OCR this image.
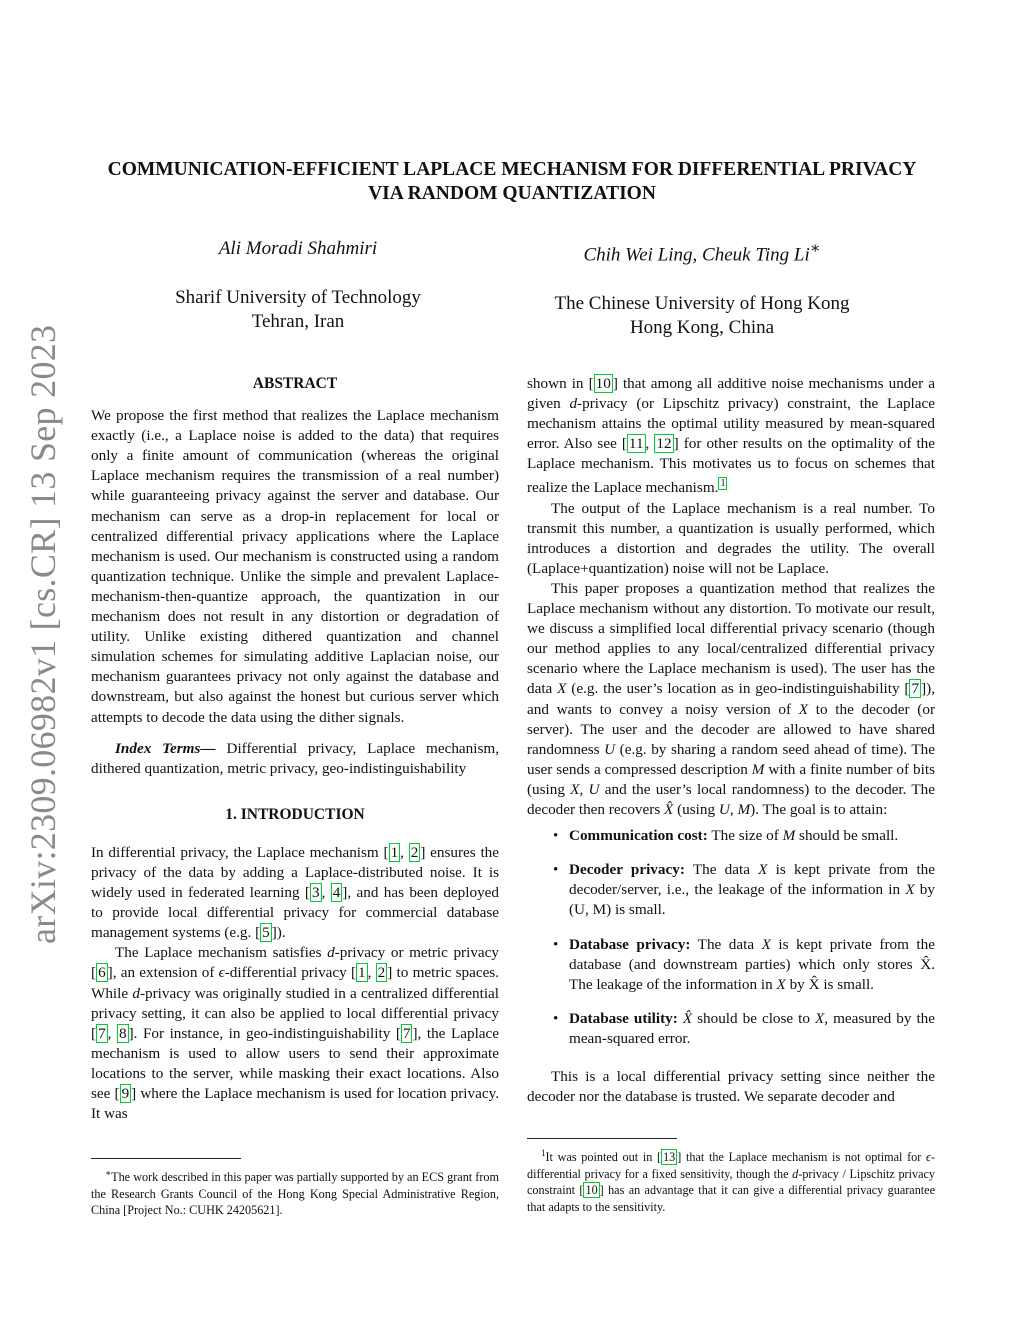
arXiv:2309.06982v1 [cs.CR] 13 Sep 2023
COMMUNICATION-EFFICIENT LAPLACE MECHANISM FOR DIFFERENTIAL PRIVACY
VIA RANDOM QUANTIZATION
Ali Moradi Shahmiri
Sharif University of Technology
Tehran, Iran
Chih Wei Ling, Cheuk Ting Li∗
The Chinese University of Hong Kong
Hong Kong, China
ABSTRACT

We propose the first method that realizes the Laplace mechanism exactly (i.e., a Laplace noise is added to the data) that requires only a finite amount of communication (whereas the original Laplace mechanism requires the transmission of a real number) while guaranteeing privacy against the server and database. Our mechanism can serve as a drop-in replacement for local or centralized differential privacy applications where the Laplace mechanism is used. Our mechanism is constructed using a random quantization technique. Unlike the simple and prevalent Laplace-mechanism-then-quantize approach, the quantization in our mechanism does not result in any distortion or degradation of utility. Unlike existing dithered quantization and channel simulation schemes for simulating additive Laplacian noise, our mechanism guarantees privacy not only against the database and downstream, but also against the honest but curious server which attempts to decode the data using the dither signals.

Index Terms— Differential privacy, Laplace mechanism, dithered quantization, metric privacy, geo-indistinguishability

1. INTRODUCTION

In differential privacy, the Laplace mechanism [ 1 , 2 ] ensures the privacy of the data by adding a Laplace-distributed noise. It is widely used in federated learning [ 3 , 4 ], and has been deployed to provide local differential privacy for commercial database management systems (e.g. [ 5 ]).

The Laplace mechanism satisfies d-privacy or metric privacy [ 6 ], an extension of ϵ-differential privacy [ 1 , 2 ] to metric spaces. While d-privacy was originally studied in a centralized differential privacy setting, it can also be applied to local differential privacy [ 7 , 8 ]. For instance, in geo-indistinguishability [ 7 ], the Laplace mechanism is used to allow users to send their approximate locations to the server, while masking their exact locations. Also see [ 9 ] where the Laplace mechanism is used for location privacy. It was

∗The work described in this paper was partially supported by an ECS grant from the Research Grants Council of the Hong Kong Special Administrative Region, China [Project No.: CUHK 24205621].

shown in [ 10 ] that among all additive noise mechanisms under a given d-privacy (or Lipschitz privacy) constraint, the Laplace mechanism attains the optimal utility measured by mean-squared error. Also see [ 11 , 12 ] for other results on the optimality of the Laplace mechanism. This motivates us to focus on schemes that realize the Laplace mechanism. $^1$

The output of the Laplace mechanism is a real number. To transmit this number, a quantization is usually performed, which introduces a distortion and degrades the utility. The overall (Laplace+quantization) noise will not be Laplace.

This paper proposes a quantization method that realizes the Laplace mechanism without any distortion. To motivate our result, we discuss a simplified local differential privacy scenario (though our method applies to any local/centralized differential privacy scenario where the Laplace mechanism is used). The user has the data X (e.g. the user’s location as in geo-indistinguishability [ 7 ]), and wants to convey a noisy version of X to the decoder (or server). The user and the decoder are allowed to have shared randomness U (e.g. by sharing a random seed ahead of time). The user sends a compressed description M with a finite number of bits (using X, U and the user’s local randomness) to the decoder. The decoder then recovers X̂ (using U, M). The goal is to attain:

• Communication cost: The size of M should be small.
• Decoder privacy: The data X is kept private from the decoder/server, i.e., the leakage of the information in X by (U, M) is small.
• Database privacy: The data X is kept private from the database (and downstream parties) which only stores X̂. The leakage of the information in X by X̂ is small.
• Database utility: X̂ should be close to X, measured by the mean-squared error.

This is a local differential privacy setting since neither the decoder nor the database is trusted. We separate decoder and

$^1$It was pointed out in [ 13 ] that the Laplace mechanism is not optimal for ϵ-differential privacy for a fixed sensitivity, though the d-privacy / Lipschitz privacy constraint [ 10 ] has an advantage that it can give a differential privacy guarantee that adapts to the sensitivity.
